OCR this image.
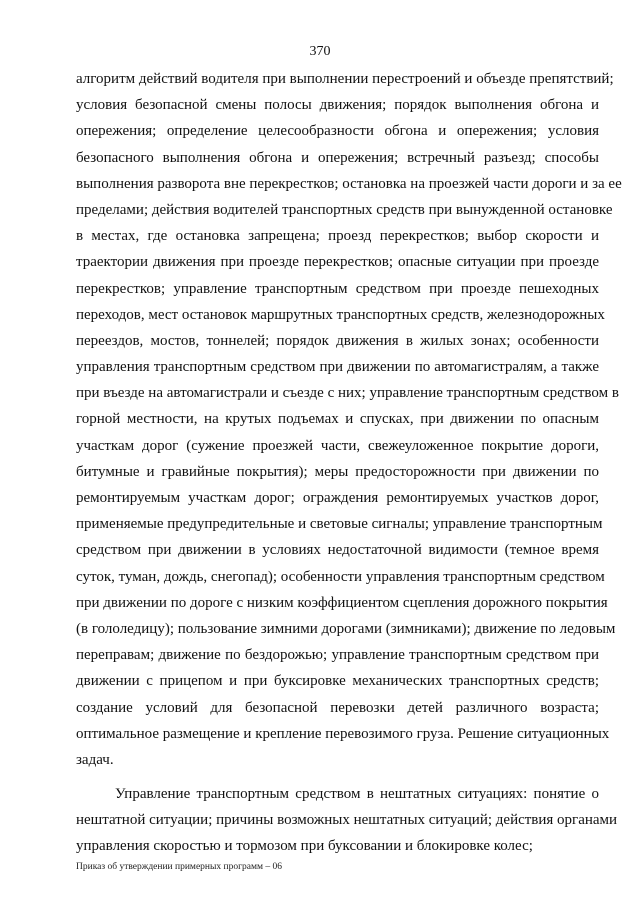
370
алгоритм действий водителя при выполнении перестроений и объезде препятствий;
условия безопасной смены полосы движения; порядок выполнения обгона и
опережения; определение целесообразности обгона и опережения; условия
безопасного выполнения обгона и опережения; встречный разъезд; способы
выполнения разворота вне перекрестков; остановка на проезжей части дороги и за ее
пределами; действия водителей транспортных средств при вынужденной остановке
в местах, где остановка запрещена; проезд перекрестков; выбор скорости и
траектории движения при проезде перекрестков; опасные ситуации при проезде
перекрестков; управление транспортным средством при проезде пешеходных
переходов, мест остановок маршрутных транспортных средств, железнодорожных
переездов, мостов, тоннелей; порядок движения в жилых зонах; особенности
управления транспортным средством при движении по автомагистралям, а также
при въезде на автомагистрали и съезде с них; управление транспортным средством в
горной местности, на крутых подъемах и спусках, при движении по опасным
участкам дорог (сужение проезжей части, свежеуложенное покрытие дороги,
битумные и гравийные покрытия); меры предосторожности при движении по
ремонтируемым участкам дорог; ограждения ремонтируемых участков дорог,
применяемые предупредительные и световые сигналы; управление транспортным
средством при движении в условиях недостаточной видимости (темное время
суток, туман, дождь, снегопад); особенности управления транспортным средством
при движении по дороге с низким коэффициентом сцепления дорожного покрытия
(в гололедицу); пользование зимними дорогами (зимниками); движение по ледовым
переправам; движение по бездорожью; управление транспортным средством при
движении с прицепом и при буксировке механических транспортных средств;
создание условий для безопасной перевозки детей различного возраста;
оптимальное размещение и крепление перевозимого груза. Решение ситуационных
задач.
Управление транспортным средством в нештатных ситуациях: понятие о
нештатной ситуации; причины возможных нештатных ситуаций; действия органами
управления скоростью и тормозом при буксовании и блокировке колес;
Приказ об утверждении примерных программ – 06
